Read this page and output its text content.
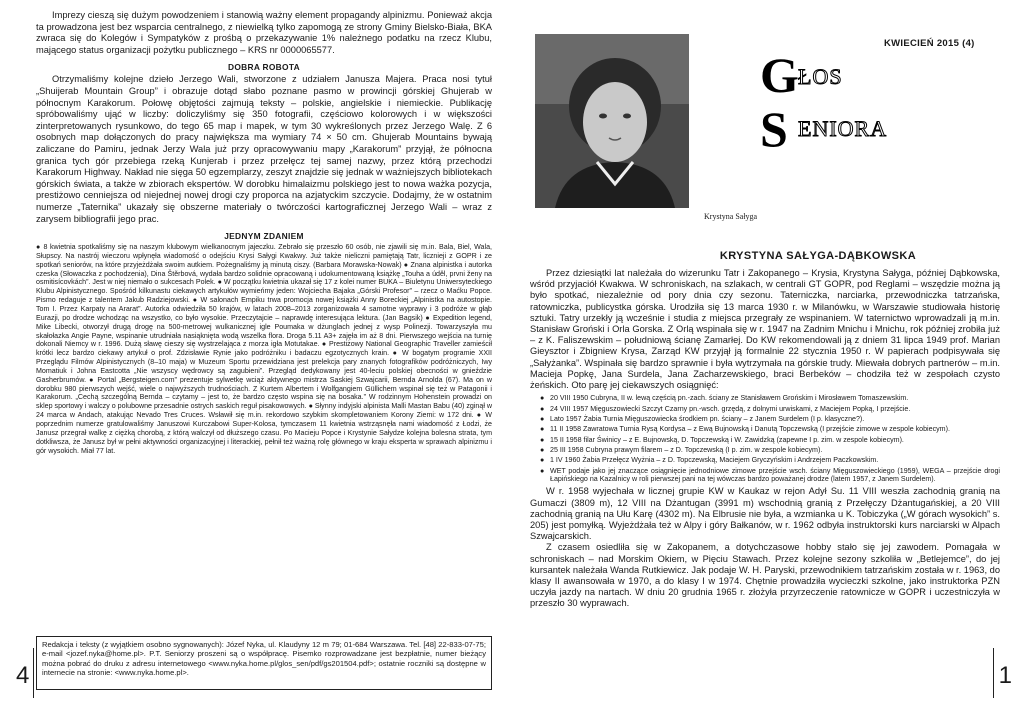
Imprezy cieszą się dużym powodzeniem i stanowią ważny element propagandy alpinizmu. Ponieważ akcja ta prowadzona jest bez wsparcia centralnego, z niewielką tylko zapomogą ze strony Gminy Bielsko-Biała, BKA zwraca się do Kolegów i Sympatyków z prośbą o przekazywanie 1% należnego podatku na rzecz Klubu, mającego status organizacji pożytku publicznego – KRS nr 0000065577.

DOBRA ROBOTA

Otrzymaliśmy kolejne dzieło Jerzego Wali, stworzone z udziałem Janusza Majera. Praca nosi tytuł „Shuijerab Mountain Group” i obrazuje dotąd słabo poznane pasmo w prowincji górskiej Ghujerab w północnym Karakorum. Połowę objętości zajmują teksty – polskie, angielskie i niemieckie. Publikację spróbowaliśmy ująć w liczby: doliczyliśmy się 350 fotografii, częściowo kolorowych i w większości zinterpretowanych rysunkowo, do tego 65 map i mapek, w tym 30 wykreślonych przez Jerzego Walę. Z 6 osobnych map dołączonych do pracy największa ma wymiary 74 × 50 cm. Ghujerab Mountains bywają zaliczane do Pamiru, jednak Jerzy Wala już przy opracowywaniu mapy „Karakorum” przyjął, że północna granica tych gór przebiega rzeką Kunjerab i przez przełęcz tej samej nazwy, przez którą przechodzi Karakorum Highway. Nakład nie sięga 50 egzemplarzy, zeszyt znajdzie się jednak w ważniejszych bibliotekach górskich świata, a także w zbiorach ekspertów. W dorobku himalaizmu polskiego jest to nowa ważka pozycja, prestiżowo cenniejsza od niejednej nowej drogi czy proporca na azjatyckim szczycie. Dodajmy, że w ostatnim numerze „Taternika” ukazały się obszerne materiały o twórczości kartograficznej Jerzego Wali – wraz z zarysem bibliografii jego prac.

JEDNYM ZDANIEM

● 8 kwietnia spotkaliśmy się na naszym klubowym wielkanocnym jajeczku. Zebrało się przeszło 60 osób, nie zjawili się m.in. Bala, Biel, Wala, Słupscy. Na nastrój wieczoru wpłynęła wiadomość o odejściu Krysi Sałygi Kwakwy. Już także nieliczni pamiętają Tatr, licznieji z GOPR i ze spotkań seniorów, na które przyjeżdżała swoim autkiem. Pożegnaliśmy ją minutą ciszy. (Barbara Morawska-Nowak) ● Znana alpinistka i autorka czeska (Słowaczka z pochodzenia), Dina Štěrbová, wydała bardzo solidnie opracowaną i udokumentowaną książkę „Touha a úděl, prvni ženy na osmitisícovkách”. Jest w niej niemało o sukcesach Polek. ● W początku kwietnia ukazał się 17 z kolei numer BUKA – Biuletynu Uniwersyteckiego Klubu Alpinistycznego. Spośród kilkunastu ciekawych artykułów wymieńmy jeden: Wojciecha Bajaka „Górski Profesor” – rzecz o Maćku Popce. Pismo redaguje z talentem Jakub Radziejowski. ● W salonach Empiku trwa promocja nowej książki Anny Boreckiej „Alpinistka na autostopie. Tom I. Przez Karpaty na Ararat”. Autorka odwiedziła 50 krajów, w latach 2008–2013 zorganizowała 4 samotne wyprawy i 3 podróże w głąb Eurazji, po drodze wchodząc na wszystko, co było wysokie. Przeczytajcie – naprawdę interesująca lektura. (Jan Bagsik) ● Expedition legend, Mike Libecki, otworzył drugą drogę na 500-metrowej wulkanicznej igle Poumaka w dżunglach jednej z wysp Polinezji. Towarzyszyła mu skałołazka Angie Payne, wspinanie utrudniała nasiąknięta wodą wszelka flora. Droga 5.11 A3+ zajęła im aż 8 dni. Pierwszego wejścia na turnię dokonali Niemcy w r. 1996. Dużą sławę cieszy się wystrzelająca z morza igła Motutakae. ● Prestiżowy National Geographic Traveller zamieścił krótki lecz bardzo ciekawy artykuł o prof. Zdzisławie Rynie jako podróżniku i badaczu egzotycznych krain. ● W bogatym programie XXII Przeglądu Filmów Alpinistycznych (8–10 maja) w Muzeum Sportu przewidziana jest prelekcja pary znanych fotografików podróżniczych, Iwy Momatiuk i Johna Eastcotta „Nie wszyscy wędrowcy są zagubieni”. Przegląd dedykowany jest 40-leciu polskiej obecności w gnieździe Gasherbrumów. ● Portal „Bergsteigen.com” prezentuje sylwetkę wciąż aktywnego mistrza Saskiej Szwajcarii, Bernda Arnolda (67). Ma on w dorobku 980 pierwszych wejść, wiele o najwyższych trudnościach. Z Kurtem Albertem i Wolfgangiem Güllichem wspinał się też w Patagonii i Karakorum. „Cechą szczególną Bernda – czytamy – jest to, że bardzo często wspina się na bosaka.” W rodzinnym Hohenstein prowadzi on sklep sportowy i walczy o polubowne przesadnie ostrych saskich reguł pisakowowych. ● Słynny indyjski alpinista Malli Mastan Babu (40) zginął w 24 marca w Andach, atakując Nevado Tres Cruces. Wsławił się m.in. rekordowo szybkim skompletowaniem Korony Ziemi: w 172 dni. ● W poprzednim numerze gratulowaliśmy Januszowi Kurczabowi Super-Kolosa, tymczasem 11 kwietnia wstrząsnęła nami wiadomość z Łodzi, że Janusz przegrał walkę z ciężką chorobą, z którą walczył od dłuższego czasu. Po Macieju Popce i Krystynie Sałydze kolejna bolesna strata, tym dotkliwsza, że Janusz był w pełni aktywności organizacyjnej i literackiej, pełnił też ważną rolę głównego w kraju eksperta w sprawach alpinizmu i gór wysokich. Miał 77 lat.

Redakcja i teksty (z wyjątkiem osobno sygnowanych): Józef Nyka, ul. Klaudyny 12 m 79; 01-684 Warszawa. Tel. [48] 22-833-07-75; e-mail <jozef.nyka@home.pl>. P.T. Seniorzy proszeni są o współpracę. Pisemko rozprowadzane jest bezpłatnie, numer bieżący można pobrać do druku z adresu internetowego <www.nyka.home.pl/glos_sen/pdf/gs201504.pdf>; ostatnie roczniki są dostępne w internecie na stronie: <www.nyka.home.pl>.

4
Krystyna Sałyga
KWIECIEŃ 2015 (4)
G ŁOS
S ENIORA
KRYSTYNA SAŁYGA-DĄBKOWSKA

Przez dziesiątki lat należała do wizerunku Tatr i Zakopanego – Krysia, Krystyna Sałyga, później Dąbkowska, wśród przyjaciół Kwakwa. W schroniskach, na szlakach, w centrali GT GOPR, pod Reglami – wszędzie można ją było spotkać, niezależnie od pory dnia czy sezonu. Taterniczka, narciarka, przewodniczka tatrzańska, ratowniczka, publicystka górska. Urodziła się 13 marca 1930 r. w Milanówku, w Warszawie studiowała historię sztuki. Tatry urzekły ją wcześnie i studia z miejsca przegrały ze wspinaniem. W taternictwo wprowadzali ją m.in. Stanisław Groński i Orla Gorska. Z Orlą wspinała się w r. 1947 na Zadnim Mnichu i Mnichu, rok później zrobiła już – z K. Faliszewskim – południową ścianę Zamarłej. Do KW rekomendowali ją z dniem 31 lipca 1949 prof. Marian Gieysztor i Zbigniew Krysa, Zarząd KW przyjął ją formalnie 22 stycznia 1950 r. W papierach podpisywała się „Sałyżanka”. Wspinała się bardzo sprawnie i była wytrzymała na górskie trudy. Miewała dobrych partnerów – m.in. Macieja Popkę, Jana Surdela, Jana Zacharzewskiego, braci Berbeków – chodziła też w zespołach czysto żeńskich. Oto parę jej ciekawszych osiągnięć:

● 20 VIII 1950 Cubryna, II w. lewą częścią pn.-zach. ściany ze Stanisławem Grońskim i Mirosławem Tomaszewskim.
● 24 VIII 1957 Mięguszowiecki Szczyt Czarny pn.-wsch. grzędą, z dolnymi urwiskami, z Maciejem Popką, I przejście.
● Lato 1957 Żabia Turnia Mięguszowiecka środkiem pn. ściany – z Janem Surdelem (I p. klasyczne?).
● 11 II 1958 Zawratowa Turnia Rysą Kordysa – z Ewą Bujnowską i Danutą Topczewską (I przejście zimowe w zespole kobiecym).
● 15 II 1958 filar Świnicy – z E. Bujnowską, D. Topczewską i W. Zawidzką (zapewne I p. zim. w zespole kobiecym).
● 25 III 1958 Cubryna prawym filarem – z D. Topczewską (I p. zim. w zespole kobiecym).
● 1 IV 1960 Żabia Przełęcz Wyżnia – z D. Topczewską, Maciejem Gryczyńskim i Andrzejem Paczkowskim.
● WET podaje jako jej znaczące osiągnięcie jednodniowe zimowe przejście wsch. ściany Mięguszowieckiego (1959), WEGA – przejście drogi Łapińskiego na Kazalnicy w roli pierwszej pani na tej wówczas bardzo poważanej drodze (latem 1957, z Janem Surdelem).

W r. 1958 wyjechała w licznej grupie KW w Kaukaz w rejon Adył Su. 11 VIII weszła zachodnią granią na Gumaczi (3809 m), 12 VIII na Dżantugan (3991 m) wschodnią granią z Przełęczy Dżantugańskiej, a 20 VIII zachodnią granią na Ułu Karę (4302 m). Na Elbrusie nie była, a wzmianka u K. Tobiczyka („W górach wysokich” s. 205) jest pomyłką. Wyjeżdżała też w Alpy i góry Bałkanów, w r. 1962 odbyła instruktorski kurs narciarski w Alpach Szwajcarskich.

Z czasem osiedliła się w Zakopanem, a dotychczasowe hobby stało się jej zawodem. Pomagała w schroniskach – nad Morskim Okiem, w Pięciu Stawach. Przez kolejne sezony szkoliła w „Betlejemce”, do jej kursantek należała Wanda Rutkiewicz. Jak podaje W. H. Paryski, przewodnikiem tatrzańskim została w r. 1963, do klasy II awansowała w 1970, a do klasy I w 1974. Chętnie prowadziła wycieczki szkolne, jako instruktorka PZN uczyła jazdy na nartach. W dniu 20 grudnia 1965 r. złożyła przyrzeczenie ratownicze w GOPR i uczestniczyła w przeszło 30 wyprawach.

1
